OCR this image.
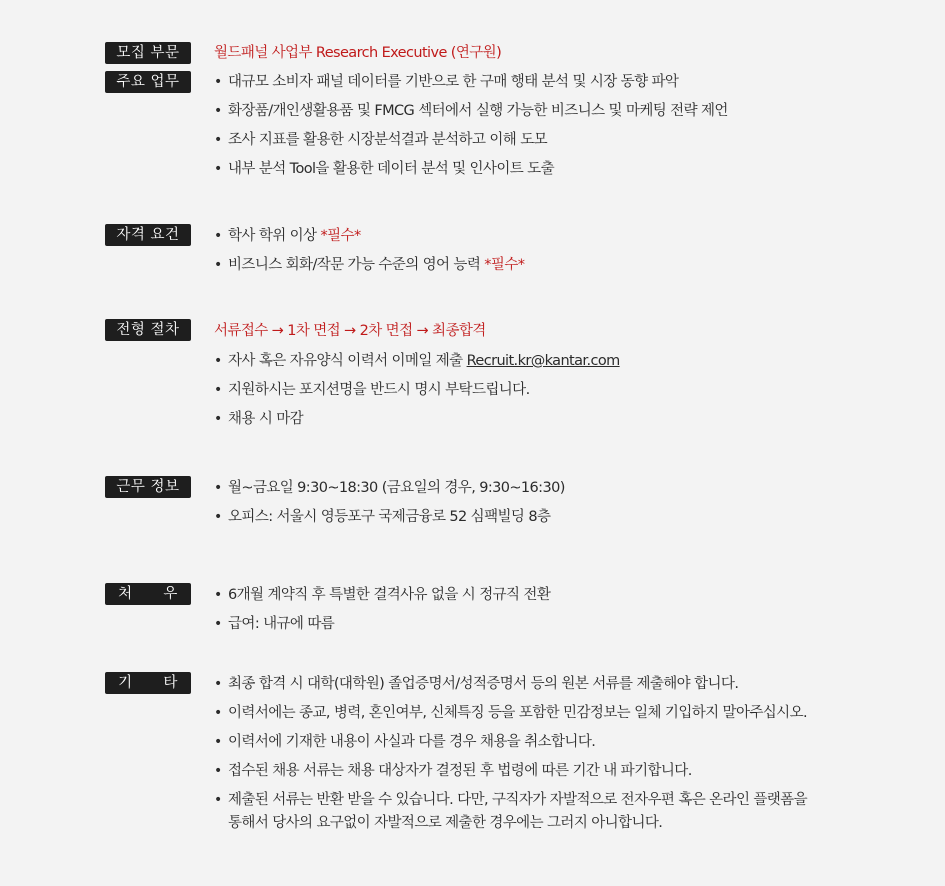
모집 부문	월드패널 사업부 Research Executive (연구원)
주요 업무	• 대규모 소비자 패널 데이터를 기반으로 한 구매 행태 분석 및 시장 동향 파악
• 화장품/개인생활용품 및 FMCG 섹터에서 실행 가능한 비즈니스 및 마케팅 전략 제언
• 조사 지표를 활용한 시장분석결과 분석하고 이해 도모
• 내부 분석 Tool을 활용한 데이터 분석 및 인사이트 도출
자격 요건	• 학사 학위 이상 *필수*
• 비즈니스 회화/작문 가능 수준의 영어 능력 *필수*
전형 절차	서류접수 → 1차 면접 → 2차 면접 → 최종합격
• 자사 혹은 자유양식 이력서 이메일 제출 Recruit.kr@kantar.com
• 지원하시는 포지션명을 반드시 명시 부탁드립니다.
• 채용 시 마감
근무 정보	• 월~금요일 9:30~18:30 (금요일의 경우, 9:30~16:30)
• 오피스: 서울시 영등포구 국제금융로 52 심팩빌딩 8층
처      우	• 6개월 계약직 후 특별한 결격사유 없을 시 정규직 전환
• 급여: 내규에 따름
기      타	• 최종 합격 시 대학(대학원) 졸업증명서/성적증명서 등의 원본 서류를 제출해야 합니다.
• 이력서에는 종교, 병력, 혼인여부, 신체특징 등을 포함한 민감정보는 일체 기입하지 말아주십시오.
• 이력서에 기재한 내용이 사실과 다를 경우 채용을 취소합니다.
• 접수된 채용 서류는 채용 대상자가 결정된 후 법령에 따른 기간 내 파기합니다.
• 제출된 서류는 반환 받을 수 있습니다. 다만, 구직자가 자발적으로 전자우편 혹은 온라인 플랫폼을
통해서 당사의 요구없이 자발적으로 제출한 경우에는 그러지 아니합니다.
